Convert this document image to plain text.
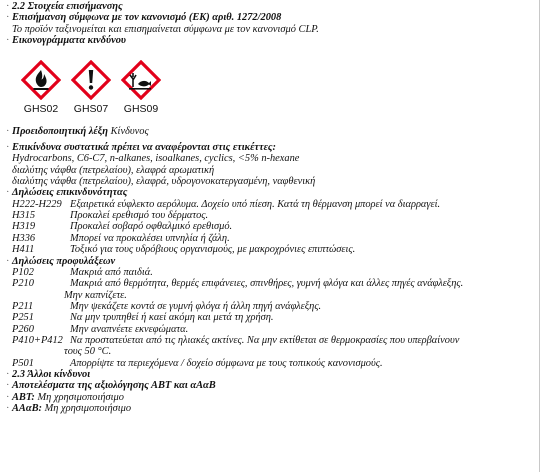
· 2.2 Στοιχεία επισήμανσης
· Επισήμανση σύμφωνα με τον κανονισμό (ΕΚ) αριθ. 1272/2008
Το προϊόν ταξινομείται και επισημαίνεται σύμφωνα με τον κανονισμό CLP.
· Εικονογράμματα κινδύνου
GHS02 GHS07 GHS09
· Προειδοποιητική λέξη Κίνδυνος
· Επικίνδυνα συστατικά πρέπει να αναφέρονται στις ετικέττες:
Hydrocarbons, C6-C7, n-alkanes, isoalkanes, cyclics, <5% n-hexane
διαλύτης νάφθα (πετρελαίου), ελαφρά αρωματική
διαλύτης νάφθα (πετρελαίου), ελαφρά, υδρογονοκατεργασμένη, ναφθενική
· Δηλώσεις επικινδυνότητας
H222-H229 Εξαιρετικά εύφλεκτο αερόλυμα. Δοχείο υπό πίεση. Κατά τη θέρμανση μπορεί να διαρραγεί.
H315	Προκαλεί ερεθισμό του δέρματος.
H319	Προκαλεί σοβαρό οφθαλμικό ερεθισμό.
H336	Μπορεί να προκαλέσει υπνηλία ή ζάλη.
H411	Τοξικό για τους υδρόβιους οργανισμούς, με μακροχρόνιες επιπτώσεις.
· Δηλώσεις προφυλάξεων
P102	Μακριά από παιδιά.
P210	Μακριά από θερμότητα, θερμές επιφάνειες, σπινθήρες, γυμνή φλόγα και άλλες πηγές ανάφλεξης.
Μην καπνίζετε.
P211	Μην ψεκάζετε κοντά σε γυμνή φλόγα ή άλλη πηγή ανάφλεξης.
P251	Να μην τρυπηθεί ή καεί ακόμη και μετά τη χρήση.
P260	Μην αναπνέετε εκνεφώματα.
P410+P412 Να προστατεύεται από τις ηλιακές ακτίνες. Να μην εκτίθεται σε θερμοκρασίες που υπερβαίνουν
τους 50 °C.
P501	Απορρίψτε τα περιεχόμενα / δοχείο σύμφωνα με τους τοπικούς κανονισμούς.
· 2.3 Άλλοι κίνδυνοι
· Αποτελέσματα της αξιολόγησης ΑΒΤ και αΑαΒ
· ΑΒΤ: Μη χρησιμοποιήσιμο
· ΑΑαΒ: Μη χρησιμοποιήσιμο
